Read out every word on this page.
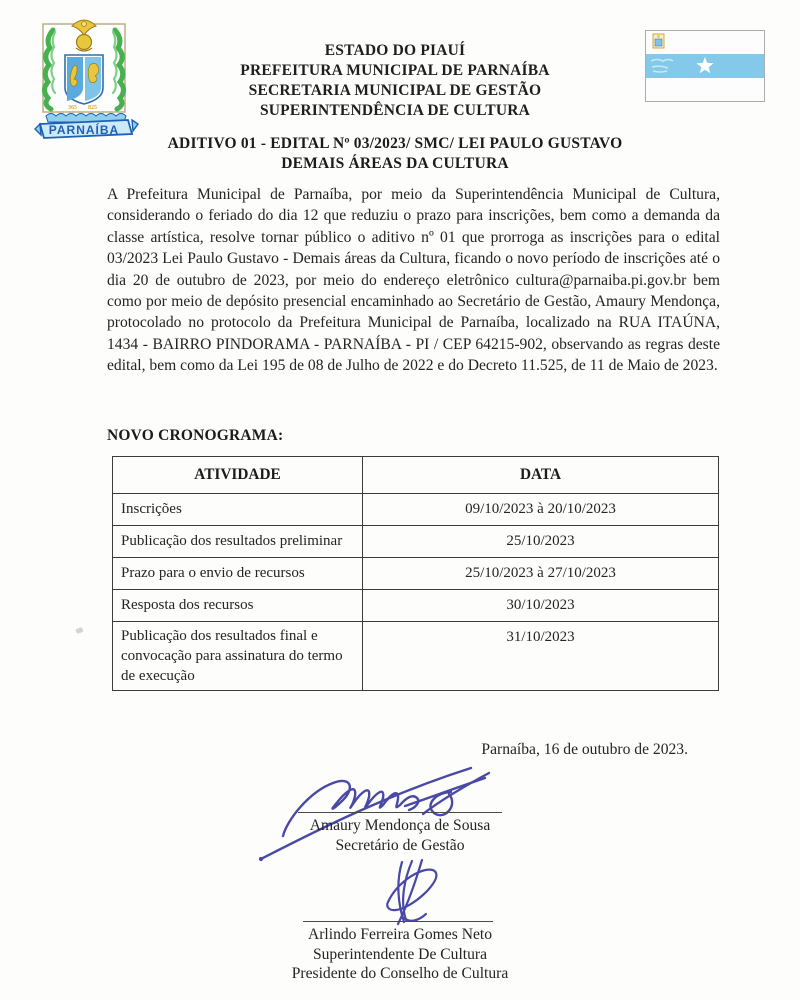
365 825
PARNAÍBA
ESTADO DO PIAUÍ
PREFEITURA MUNICIPAL DE PARNAÍBA
SECRETARIA MUNICIPAL DE GESTÃO
SUPERINTENDÊNCIA DE CULTURA
ADITIVO 01 - EDITAL Nº 03/2023/ SMC/ LEI PAULO GUSTAVO
DEMAIS ÁREAS DA CULTURA

A Prefeitura Municipal de Parnaíba, por meio da Superintendência Municipal de Cultura, considerando o feriado do dia 12 que reduziu o prazo para inscrições, bem como a demanda da classe artística, resolve tornar público o aditivo nº 01 que prorroga as inscrições para o edital 03/2023 Lei Paulo Gustavo - Demais áreas da Cultura, ficando o novo período de inscrições até o dia 20 de outubro de 2023, por meio do endereço eletrônico cultura@parnaiba.pi.gov.br bem como por meio de depósito presencial encaminhado ao Secretário de Gestão, Amaury Mendonça, protocolado no protocolo da Prefeitura Municipal de Parnaíba, localizado na RUA ITAÚNA, 1434 - BAIRRO PINDORAMA - PARNAÍBA - PI / CEP 64215-902, observando as regras deste edital, bem como da Lei 195 de 08 de Julho de 2022 e do Decreto 11.525, de 11 de Maio de 2023.

NOVO CRONOGRAMA:
ATIVIDADE	DATA
Inscrições	09/10/2023 à 20/10/2023
Publicação dos resultados preliminar	25/10/2023
Prazo para o envio de recursos	25/10/2023 à 27/10/2023
Resposta dos recursos	30/10/2023
Publicação dos resultados final e convocação para assinatura do termo de execução	31/10/2023
Parnaíba, 16 de outubro de 2023.
Amaury Mendonça de Sousa
Secretário de Gestão
Arlindo Ferreira Gomes Neto
Superintendente De Cultura
Presidente do Conselho de Cultura
